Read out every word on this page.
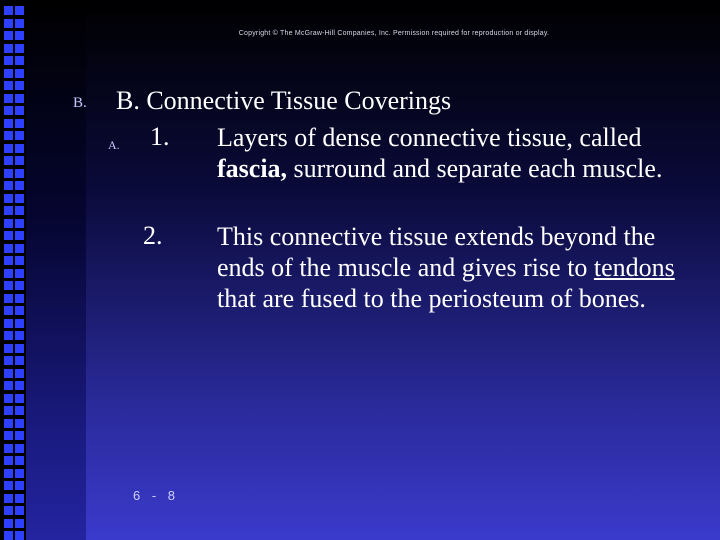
Copyright © The McGraw-Hill Companies, Inc. Permission required for reproduction or display.
B. B. Connective Tissue Coverings
A. 1. Layers of dense connective tissue, called fascia, surround and separate each muscle.
2. This connective tissue extends beyond the ends of the muscle and gives rise to tendons that are fused to the periosteum of bones.
6 - 8
